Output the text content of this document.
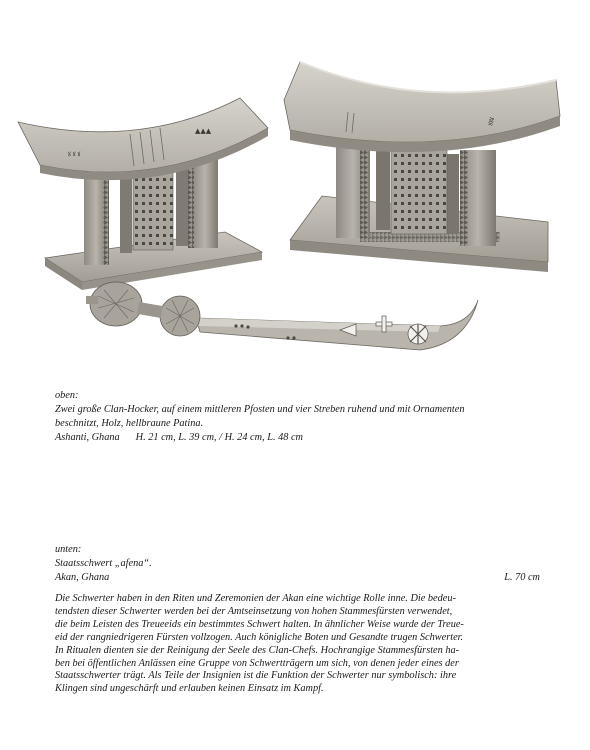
▲▲▲
ꙋ ꙋ ꙋ
ꙋꙋꙋ

oben:

Zwei große Clan-Hocker, auf einem mittleren Pfosten und vier Streben ruhend und mit Ornamenten

beschnitzt, Holz, hellbraune Patina.

Ashanti, Ghana H. 21 cm, L. 39 cm, / H. 24 cm, L. 48 cm

unten:

Staatsschwert „afena“.

Akan, Ghana	L. 70 cm

Die Schwerter haben in den Riten und Zeremonien der Akan eine wichtige Rolle inne. Die bedeu-
tendsten dieser Schwerter werden bei der Amtseinsetzung von hohen Stammesfürsten verwendet,
die beim Leisten des Treueeids ein bestimmtes Schwert halten. In ähnlicher Weise wurde der Treue-
eid der rangniedrigeren Fürsten vollzogen. Auch königliche Boten und Gesandte trugen Schwerter.
In Ritualen dienten sie der Reinigung der Seele des Clan-Chefs. Hochrangige Stammesfürsten ha-
ben bei öffentlichen Anlässen eine Gruppe von Schwertträgern um sich, von denen jeder eines der
Staatsschwerter trägt. Als Teile der Insignien ist die Funktion der Schwerter nur symbolisch: ihre
Klingen sind ungeschärft und erlauben keinen Einsatz im Kampf.
